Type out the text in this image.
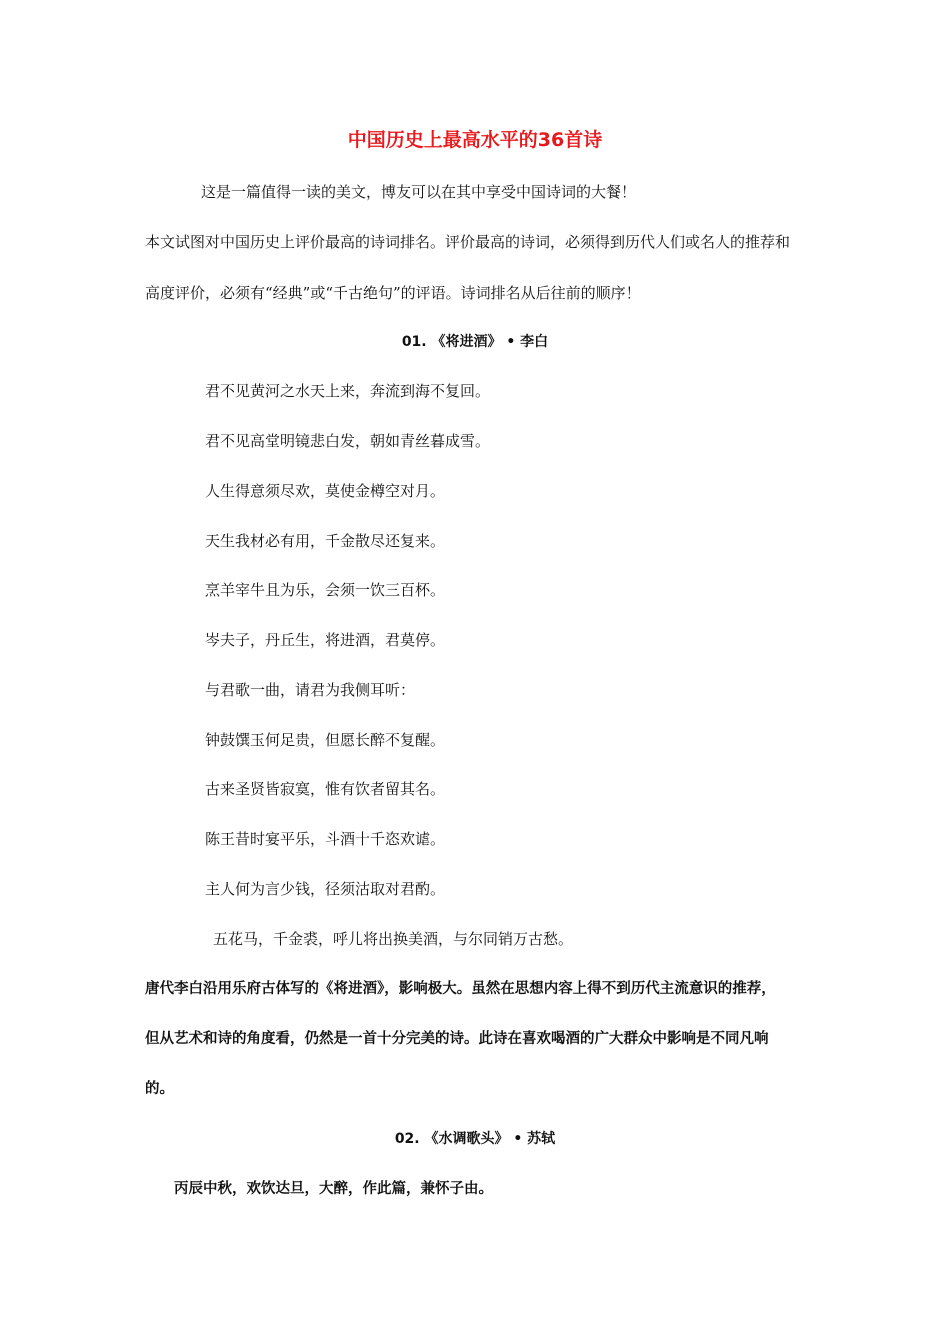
中国历史上最高水平的36首诗
这是一篇值得一读的美文，博友可以在其中享受中国诗词的大餐！
本文试图对中国历史上评价最高的诗词排名。评价最高的诗词，必须得到历代人们或名人的推荐和
高度评价，必须有“经典”或“千古绝句”的评语。诗词排名从后往前的顺序！
01. 《将进酒》 • 李白
君不见黄河之水天上来，奔流到海不复回。
君不见高堂明镜悲白发，朝如青丝暮成雪。
人生得意须尽欢，莫使金樽空对月。
天生我材必有用，千金散尽还复来。
烹羊宰牛且为乐，会须一饮三百杯。
岑夫子，丹丘生，将进酒，君莫停。
与君歌一曲，请君为我侧耳听：
钟鼓馔玉何足贵，但愿长醉不复醒。
古来圣贤皆寂寞，惟有饮者留其名。
陈王昔时宴平乐，斗酒十千恣欢谑。
主人何为言少钱，径须沽取对君酌。
五花马，千金裘，呼儿将出换美酒，与尔同销万古愁。
唐代李白沿用乐府古体写的《将进酒》，影响极大。虽然在思想内容上得不到历代主流意识的推荐，
但从艺术和诗的角度看，仍然是一首十分完美的诗。此诗在喜欢喝酒的广大群众中影响是不同凡响
的。
02. 《水调歌头》 • 苏轼
丙辰中秋，欢饮达旦，大醉，作此篇，兼怀子由。
